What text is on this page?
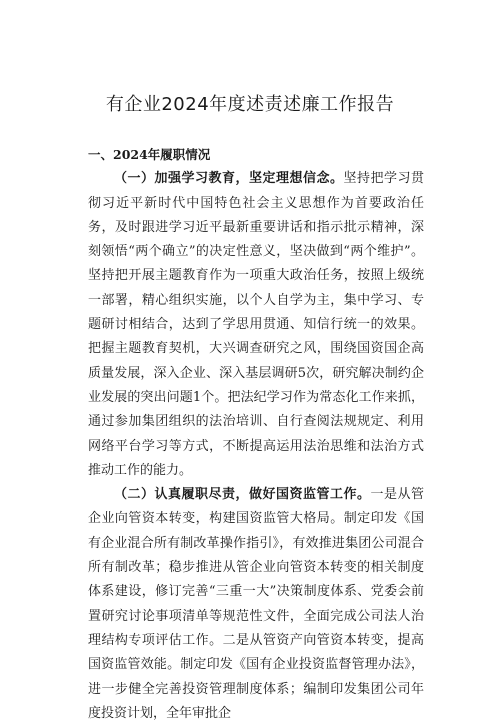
有企业2024年度述责述廉工作报告

一、2024年履职情况

（一）加强学习教育，坚定理想信念。坚持把学习贯彻习近平新时代中国特色社会主义思想作为首要政治任务，及时跟进学习近平最新重要讲话和指示批示精神，深刻领悟“两个确立”的决定性意义，坚决做到“两个维护”。坚持把开展主题教育作为一项重大政治任务，按照上级统一部署，精心组织实施，以个人自学为主，集中学习、专题研讨相结合，达到了学思用贯通、知信行统一的效果。把握主题教育契机，大兴调查研究之风，围绕国资国企高质量发展，深入企业、深入基层调研5次，研究解决制约企业发展的突出问题1个。把法纪学习作为常态化工作来抓，通过参加集团组织的法治培训、自行查阅法规规定、利用网络平台学习等方式，不断提高运用法治思维和法治方式推动工作的能力。

（二）认真履职尽责，做好国资监管工作。一是从管企业向管资本转变，构建国资监管大格局。制定印发《国有企业混合所有制改革操作指引》，有效推进集团公司混合所有制改革；稳步推进从管企业向管资本转变的相关制度体系建设，修订完善“三重一大”决策制度体系、党委会前置研究讨论事项清单等规范性文件，全面完成公司法人治理结构专项评估工作。二是从管资产向管资本转变，提高国资监管效能。制定印发《国有企业投资监督管理办法》，进一步健全完善投资管理制度体系；编制印发集团公司年度投资计划，全年审批企
